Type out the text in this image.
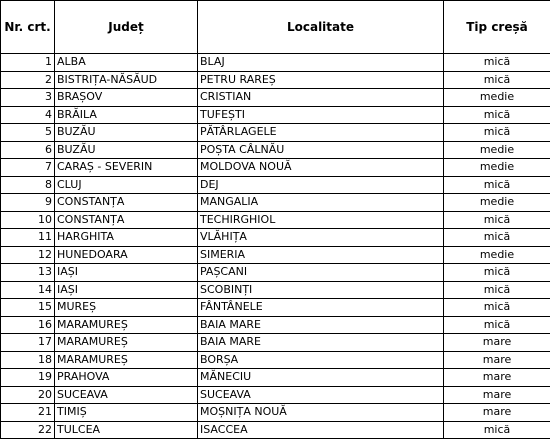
Nr. crt.	Județ	Localitate	Tip creșă
1	ALBA	BLAJ	mică
2	BISTRIȚA-NĂSĂUD	PETRU RAREȘ	mică
3	BRAȘOV	CRISTIAN	medie
4	BRĂILA	TUFEȘTI	mică
5	BUZĂU	PĂTÂRLAGELE	mică
6	BUZĂU	POȘTA CÂLNĂU	medie
7	CARAȘ - SEVERIN	MOLDOVA NOUĂ	medie
8	CLUJ	DEJ	mică
9	CONSTANȚA	MANGALIA	medie
10	CONSTANȚA	TECHIRGHIOL	mică
11	HARGHITA	VLĂHIȚA	mică
12	HUNEDOARA	SIMERIA	medie
13	IAȘI	PAȘCANI	mică
14	IAȘI	SCOBINȚI	mică
15	MUREȘ	FÂNTÂNELE	mică
16	MARAMUREȘ	BAIA MARE	mică
17	MARAMUREȘ	BAIA MARE	mare
18	MARAMUREȘ	BORȘA	mare
19	PRAHOVA	MĂNECIU	mare
20	SUCEAVA	SUCEAVA	mare
21	TIMIȘ	MOȘNIȚA NOUĂ	mare
22	TULCEA	ISACCEA	mică
